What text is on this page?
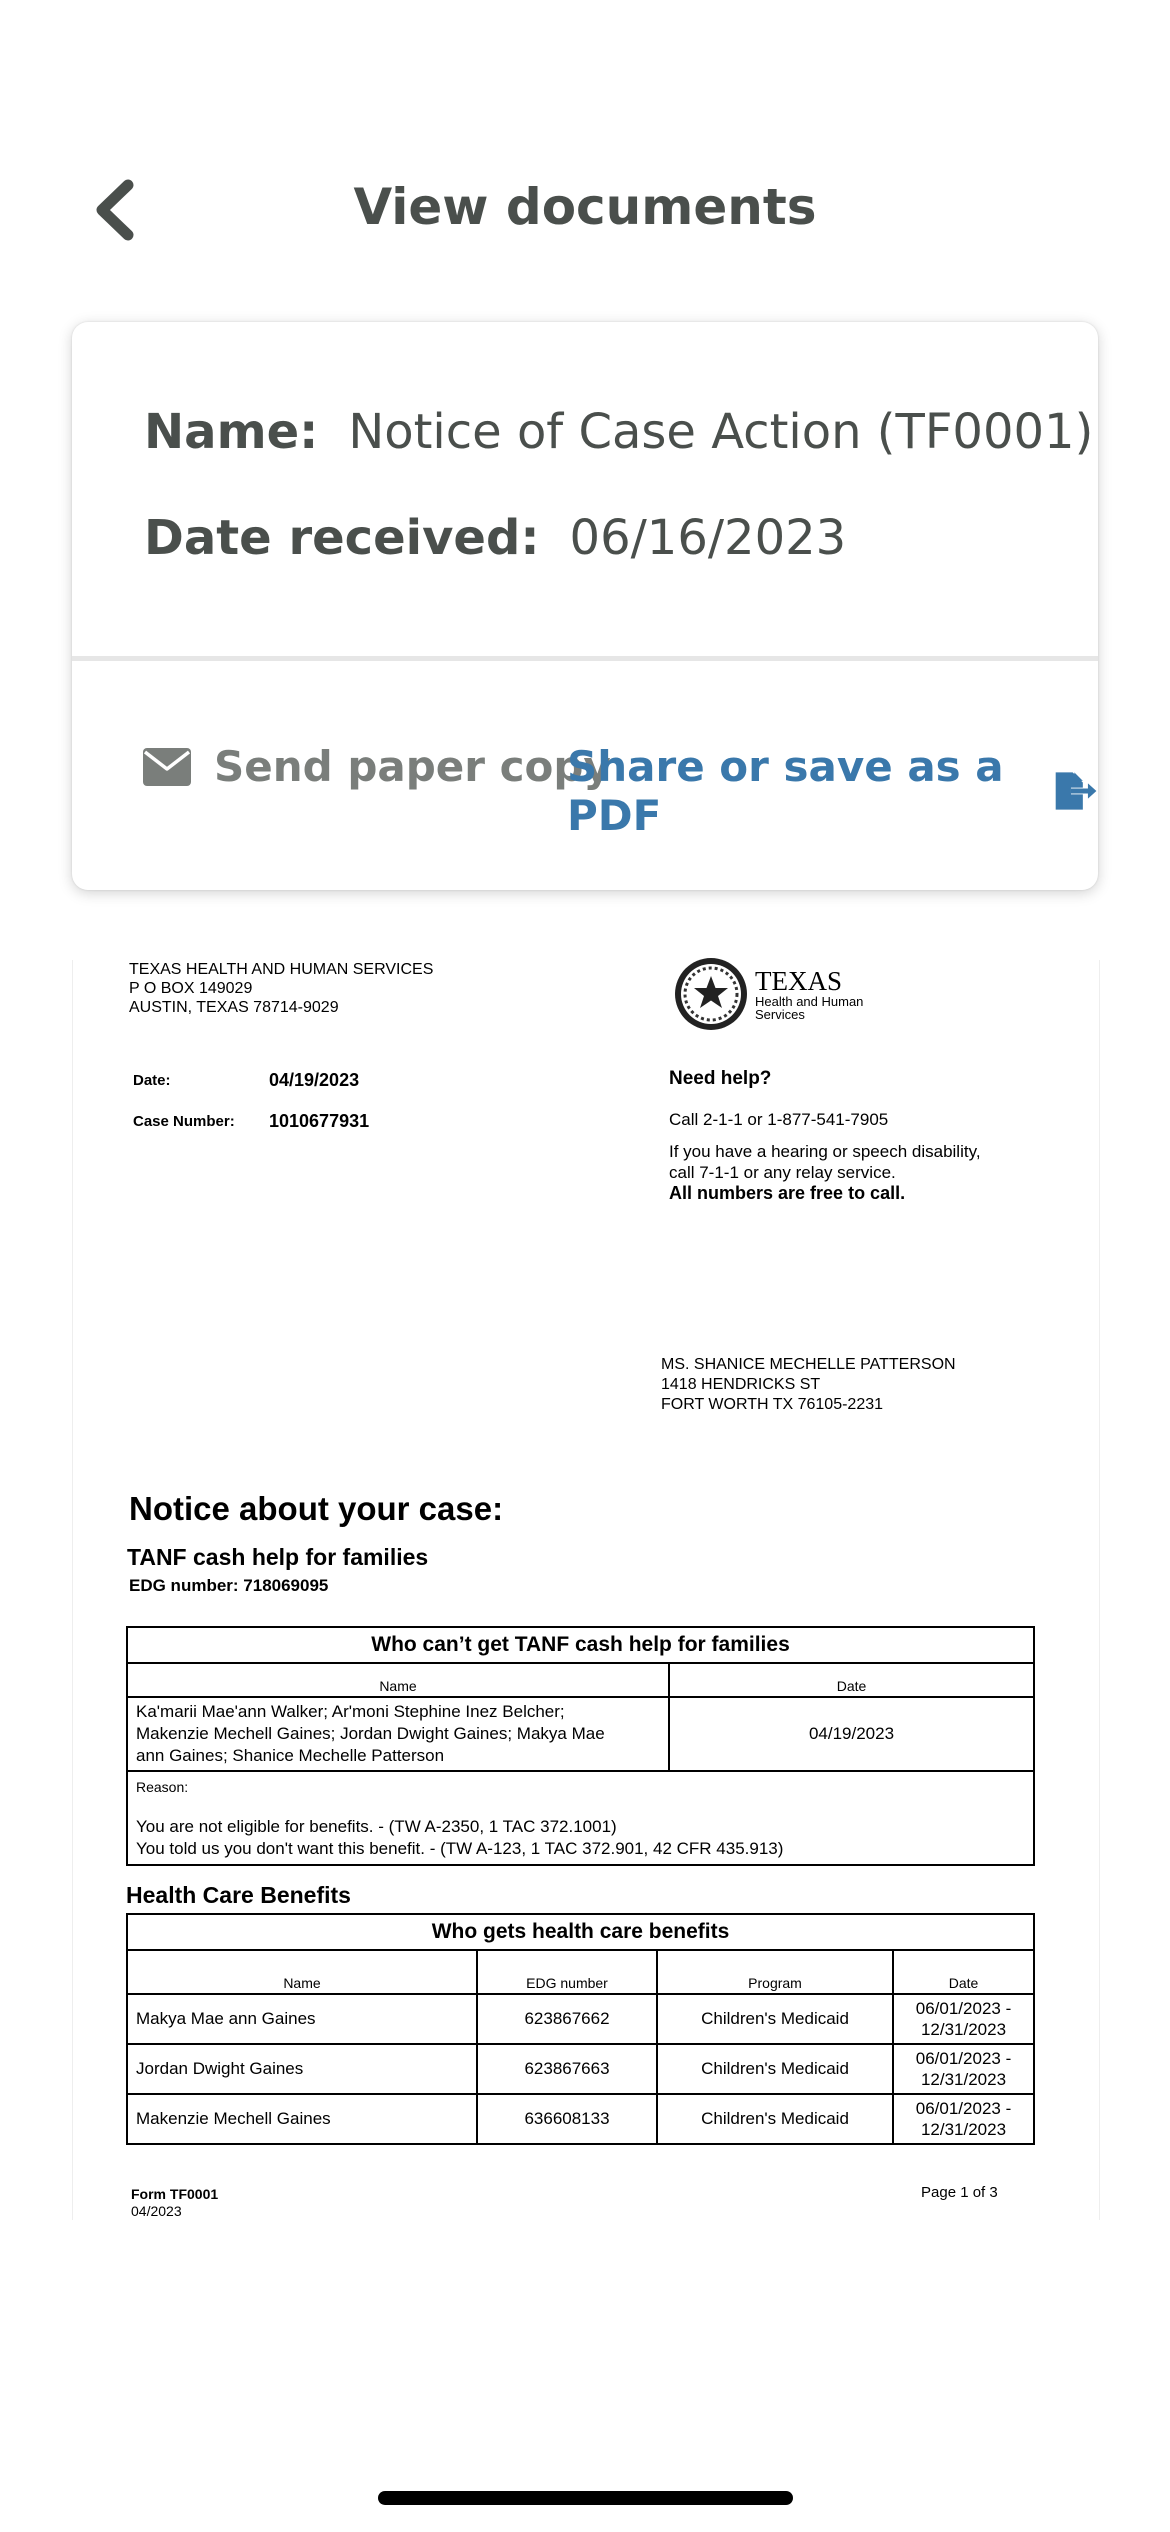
View documents
Name: Notice of Case Action (TF0001)
Date received: 06/16/2023
Send paper copy
Share or save as a PDF
TEXAS HEALTH AND HUMAN SERVICES
P O BOX 149029
AUSTIN, TEXAS 78714-9029
TEXAS
Health and Human
Services
Date:	04/19/2023
Case Number: 1010677931
Need help?
Call 2-1-1 or 1-877-541-7905
If you have a hearing or speech disability,
call 7-1-1 or any relay service.
All numbers are free to call.
MS. SHANICE MECHELLE PATTERSON
1418 HENDRICKS ST
FORT WORTH TX 76105-2231
Notice about your case:
TANF cash help for families
EDG number: 718069095
Who can’t get TANF cash help for families	
Name	Date

Ka'marii Mae'ann Walker; Ar'moni Stephine Inez Belcher;
Makenzie Mechell Gaines; Jordan Dwight Gaines; Makya Mae
ann Gaines; Shanice Mechelle Patterson	04/19/2023

Reason:
You are not eligible for benefits. - (TW A-2350, 1 TAC 372.1001)
You told us you don't want this benefit. - (TW A-123, 1 TAC 372.901, 42 CFR 435.913)	
Health Care Benefits
Who gets health care benefits			
Name	EDG number	Program	Date
Makya Mae ann Gaines	623867662	Children's Medicaid	06/01/2023 -
12/31/2023

Jordan Dwight Gaines	623867663	Children's Medicaid	06/01/2023 -
12/31/2023

Makenzie Mechell Gaines	636608133	Children's Medicaid	06/01/2023 -
12/31/2023
Form TF0001
04/2023
Page 1 of 3
